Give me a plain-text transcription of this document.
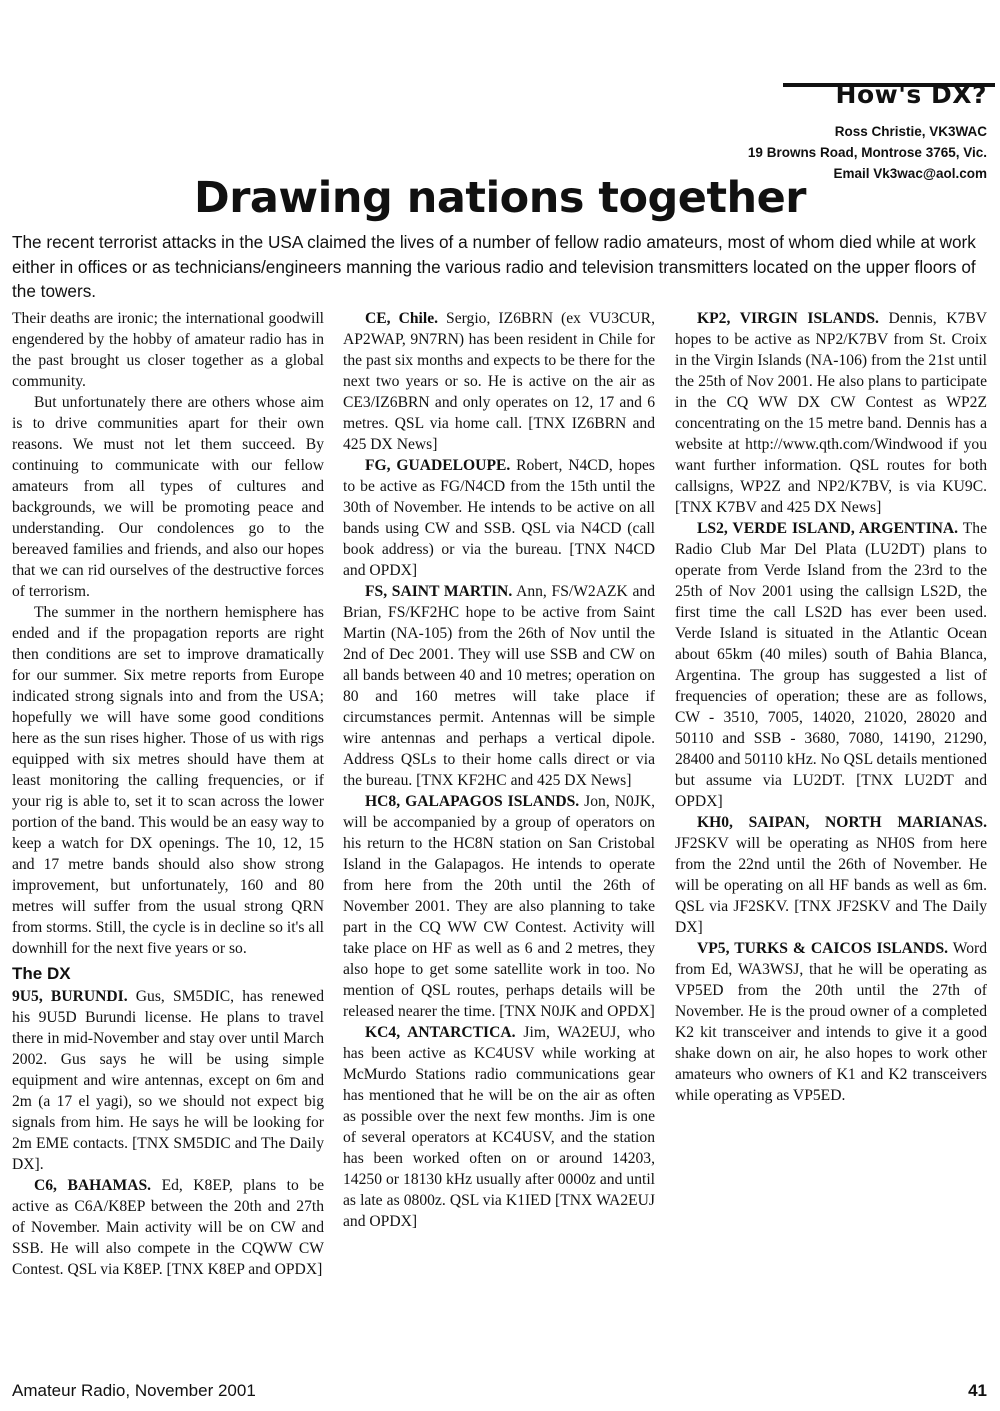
How's DX?
Ross Christie, VK3WAC
19 Browns Road, Montrose 3765, Vic.
Email Vk3wac@aol.com
Drawing nations together
The recent terrorist attacks in the USA claimed the lives of a number of fellow radio amateurs, most of whom died while at work either in offices or as technicians/engineers manning the various radio and television transmitters located on the upper floors of the towers.

Their deaths are ironic; the international goodwill engendered by the hobby of amateur radio has in the past brought us closer together as a global community.

But unfortunately there are others whose aim is to drive communities apart for their own reasons. We must not let them succeed. By continuing to communicate with our fellow amateurs from all types of cultures and backgrounds, we will be promoting peace and understanding. Our condolences go to the bereaved families and friends, and also our hopes that we can rid ourselves of the destructive forces of terrorism.

The summer in the northern hemisphere has ended and if the propagation reports are right then conditions are set to improve dramatically for our summer. Six metre reports from Europe indicated strong signals into and from the USA; hopefully we will have some good conditions here as the sun rises higher. Those of us with rigs equipped with six metres should have them at least monitoring the calling frequencies, or if your rig is able to, set it to scan across the lower portion of the band. This would be an easy way to keep a watch for DX openings. The 10, 12, 15 and 17 metre bands should also show strong improvement, but unfortunately, 160 and 80 metres will suffer from the usual strong QRN from storms. Still, the cycle is in decline so it's all downhill for the next five years or so.

The DX

9U5, BURUNDI. Gus, SM5DIC, has renewed his 9U5D Burundi license. He plans to travel there in mid-November and stay over until March 2002. Gus says he will be using simple equipment and wire antennas, except on 6m and 2m (a 17 el yagi), so we should not expect big signals from him. He says he will be looking for 2m EME contacts. [TNX SM5DIC and The Daily DX].

C6, BAHAMAS. Ed, K8EP, plans to be active as C6A/K8EP between the 20th and 27th of November. Main activity will be on CW and SSB. He will also compete in the CQWW CW Contest. QSL via K8EP. [TNX K8EP and OPDX]

CE, Chile. Sergio, IZ6BRN (ex VU3CUR, AP2WAP, 9N7RN) has been resident in Chile for the past six months and expects to be there for the next two years or so. He is active on the air as CE3/IZ6BRN and only operates on 12, 17 and 6 metres. QSL via home call. [TNX IZ6BRN and 425 DX News]

FG, GUADELOUPE. Robert, N4CD, hopes to be active as FG/N4CD from the 15th until the 30th of November. He intends to be active on all bands using CW and SSB. QSL via N4CD (call book address) or via the bureau. [TNX N4CD and OPDX]

FS, SAINT MARTIN. Ann, FS/W2AZK and Brian, FS/KF2HC hope to be active from Saint Martin (NA-105) from the 26th of Nov until the 2nd of Dec 2001. They will use SSB and CW on all bands between 40 and 10 metres; operation on 80 and 160 metres will take place if circumstances permit. Antennas will be simple wire antennas and perhaps a vertical dipole. Address QSLs to their home calls direct or via the bureau. [TNX KF2HC and 425 DX News]

HC8, GALAPAGOS ISLANDS. Jon, N0JK, will be accompanied by a group of operators on his return to the HC8N station on San Cristobal Island in the Galapagos. He intends to operate from here from the 20th until the 26th of November 2001. They are also planning to take part in the CQ WW CW Contest. Activity will take place on HF as well as 6 and 2 metres, they also hope to get some satellite work in too. No mention of QSL routes, perhaps details will be released nearer the time. [TNX N0JK and OPDX]

KC4, ANTARCTICA. Jim, WA2EUJ, who has been active as KC4USV while working at McMurdo Stations radio communications gear has mentioned that he will be on the air as often as possible over the next few months. Jim is one of several operators at KC4USV, and the station has been worked often on or around 14203, 14250 or 18130 kHz usually after 0000z and until as late as 0800z. QSL via K1IED [TNX WA2EUJ and OPDX]

KP2, VIRGIN ISLANDS. Dennis, K7BV hopes to be active as NP2/K7BV from St. Croix in the Virgin Islands (NA-106) from the 21st until the 25th of Nov 2001. He also plans to participate in the CQ WW DX CW Contest as WP2Z concentrating on the 15 metre band. Dennis has a website at http://www.qth.com/Windwood if you want further information. QSL routes for both callsigns, WP2Z and NP2/K7BV, is via KU9C. [TNX K7BV and 425 DX News]

LS2, VERDE ISLAND, ARGENTINA. The Radio Club Mar Del Plata (LU2DT) plans to operate from Verde Island from the 23rd to the 25th of Nov 2001 using the callsign LS2D, the first time the call LS2D has ever been used. Verde Island is situated in the Atlantic Ocean about 65km (40 miles) south of Bahia Blanca, Argentina. The group has suggested a list of frequencies of operation; these are as follows, CW - 3510, 7005, 14020, 21020, 28020 and 50110 and SSB - 3680, 7080, 14190, 21290, 28400 and 50110 kHz. No QSL details mentioned but assume via LU2DT. [TNX LU2DT and OPDX]

KH0, SAIPAN, NORTH MARIANAS. JF2SKV will be operating as NH0S from here from the 22nd until the 26th of November. He will be operating on all HF bands as well as 6m. QSL via JF2SKV. [TNX JF2SKV and The Daily DX]

VP5, TURKS & CAICOS ISLANDS. Word from Ed, WA3WSJ, that he will be operating as VP5ED from the 20th until the 27th of November. He is the proud owner of a completed K2 kit transceiver and intends to give it a good shake down on air, he also hopes to work other amateurs who owners of K1 and K2 transceivers while operating as VP5ED.

Amateur Radio, November 2001	41
